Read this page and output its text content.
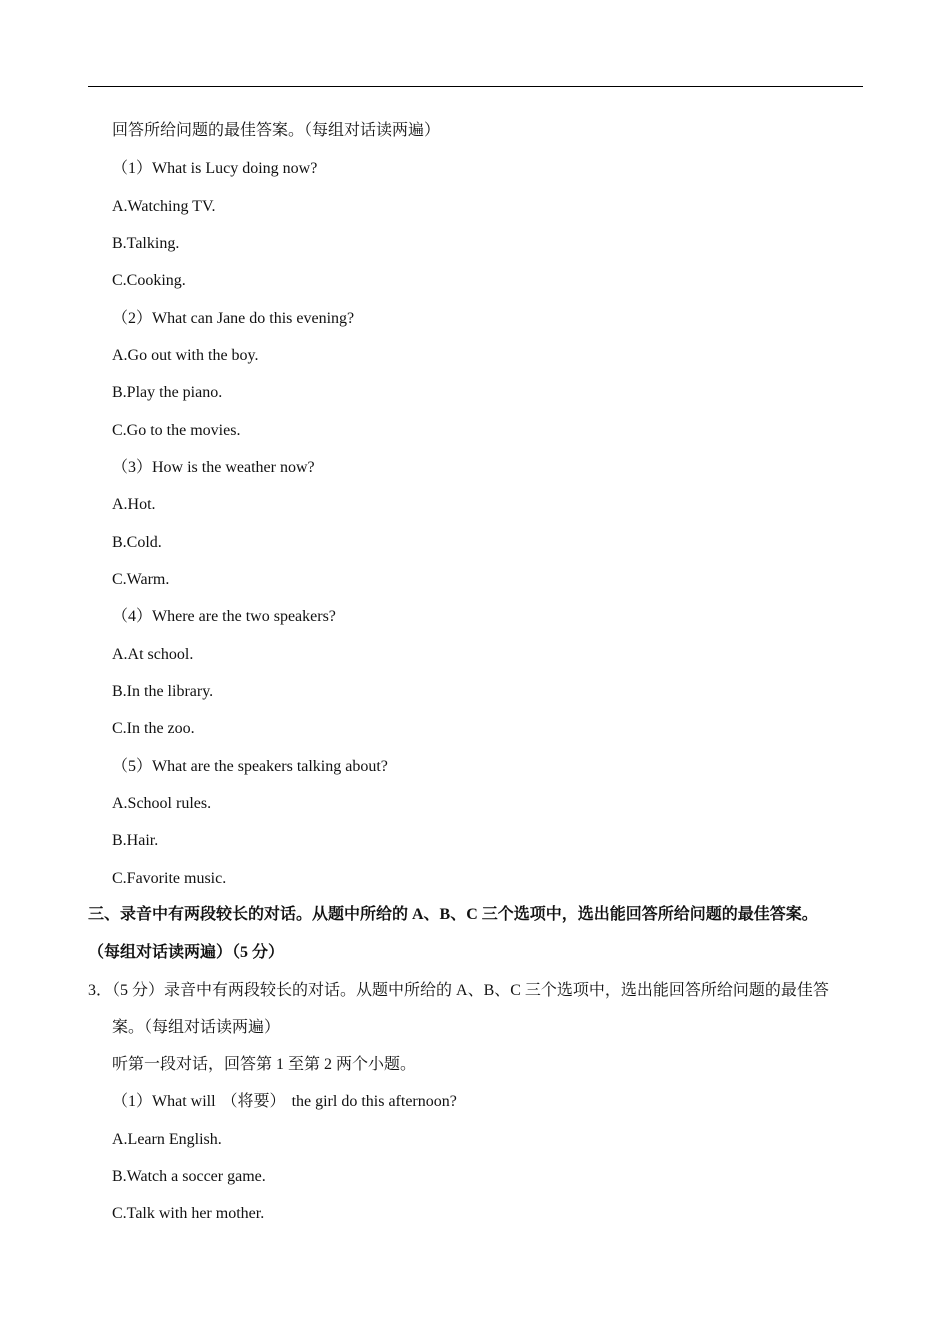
回答所给问题的最佳答案。（每组对话读两遍）
（1）What is Lucy doing now?
A.Watching TV.
B.Talking.
C.Cooking.
（2）What can Jane do this evening?
A.Go out with the boy.
B.Play the piano.
C.Go to the movies.
（3）How is the weather now?
A.Hot.
B.Cold.
C.Warm.
（4）Where are the two speakers?
A.At school.
B.In the library.
C.In the zoo.
（5）What are the speakers talking about?
A.School rules.
B.Hair.
C.Favorite music.
三、录音中有两段较长的对话。从题中所给的 A、B、C 三个选项中，选出能回答所给问题的最佳答案。
（每组对话读两遍）（5 分）
3．（5 分）录音中有两段较长的对话。从题中所给的 A、B、C 三个选项中，选出能回答所给问题的最佳答
案。（每组对话读两遍）
听第一段对话，回答第 1 至第 2 两个小题。
（1）What will （将要） the girl do this afternoon?
A.Learn English.
B.Watch a soccer game.
C.Talk with her mother.
